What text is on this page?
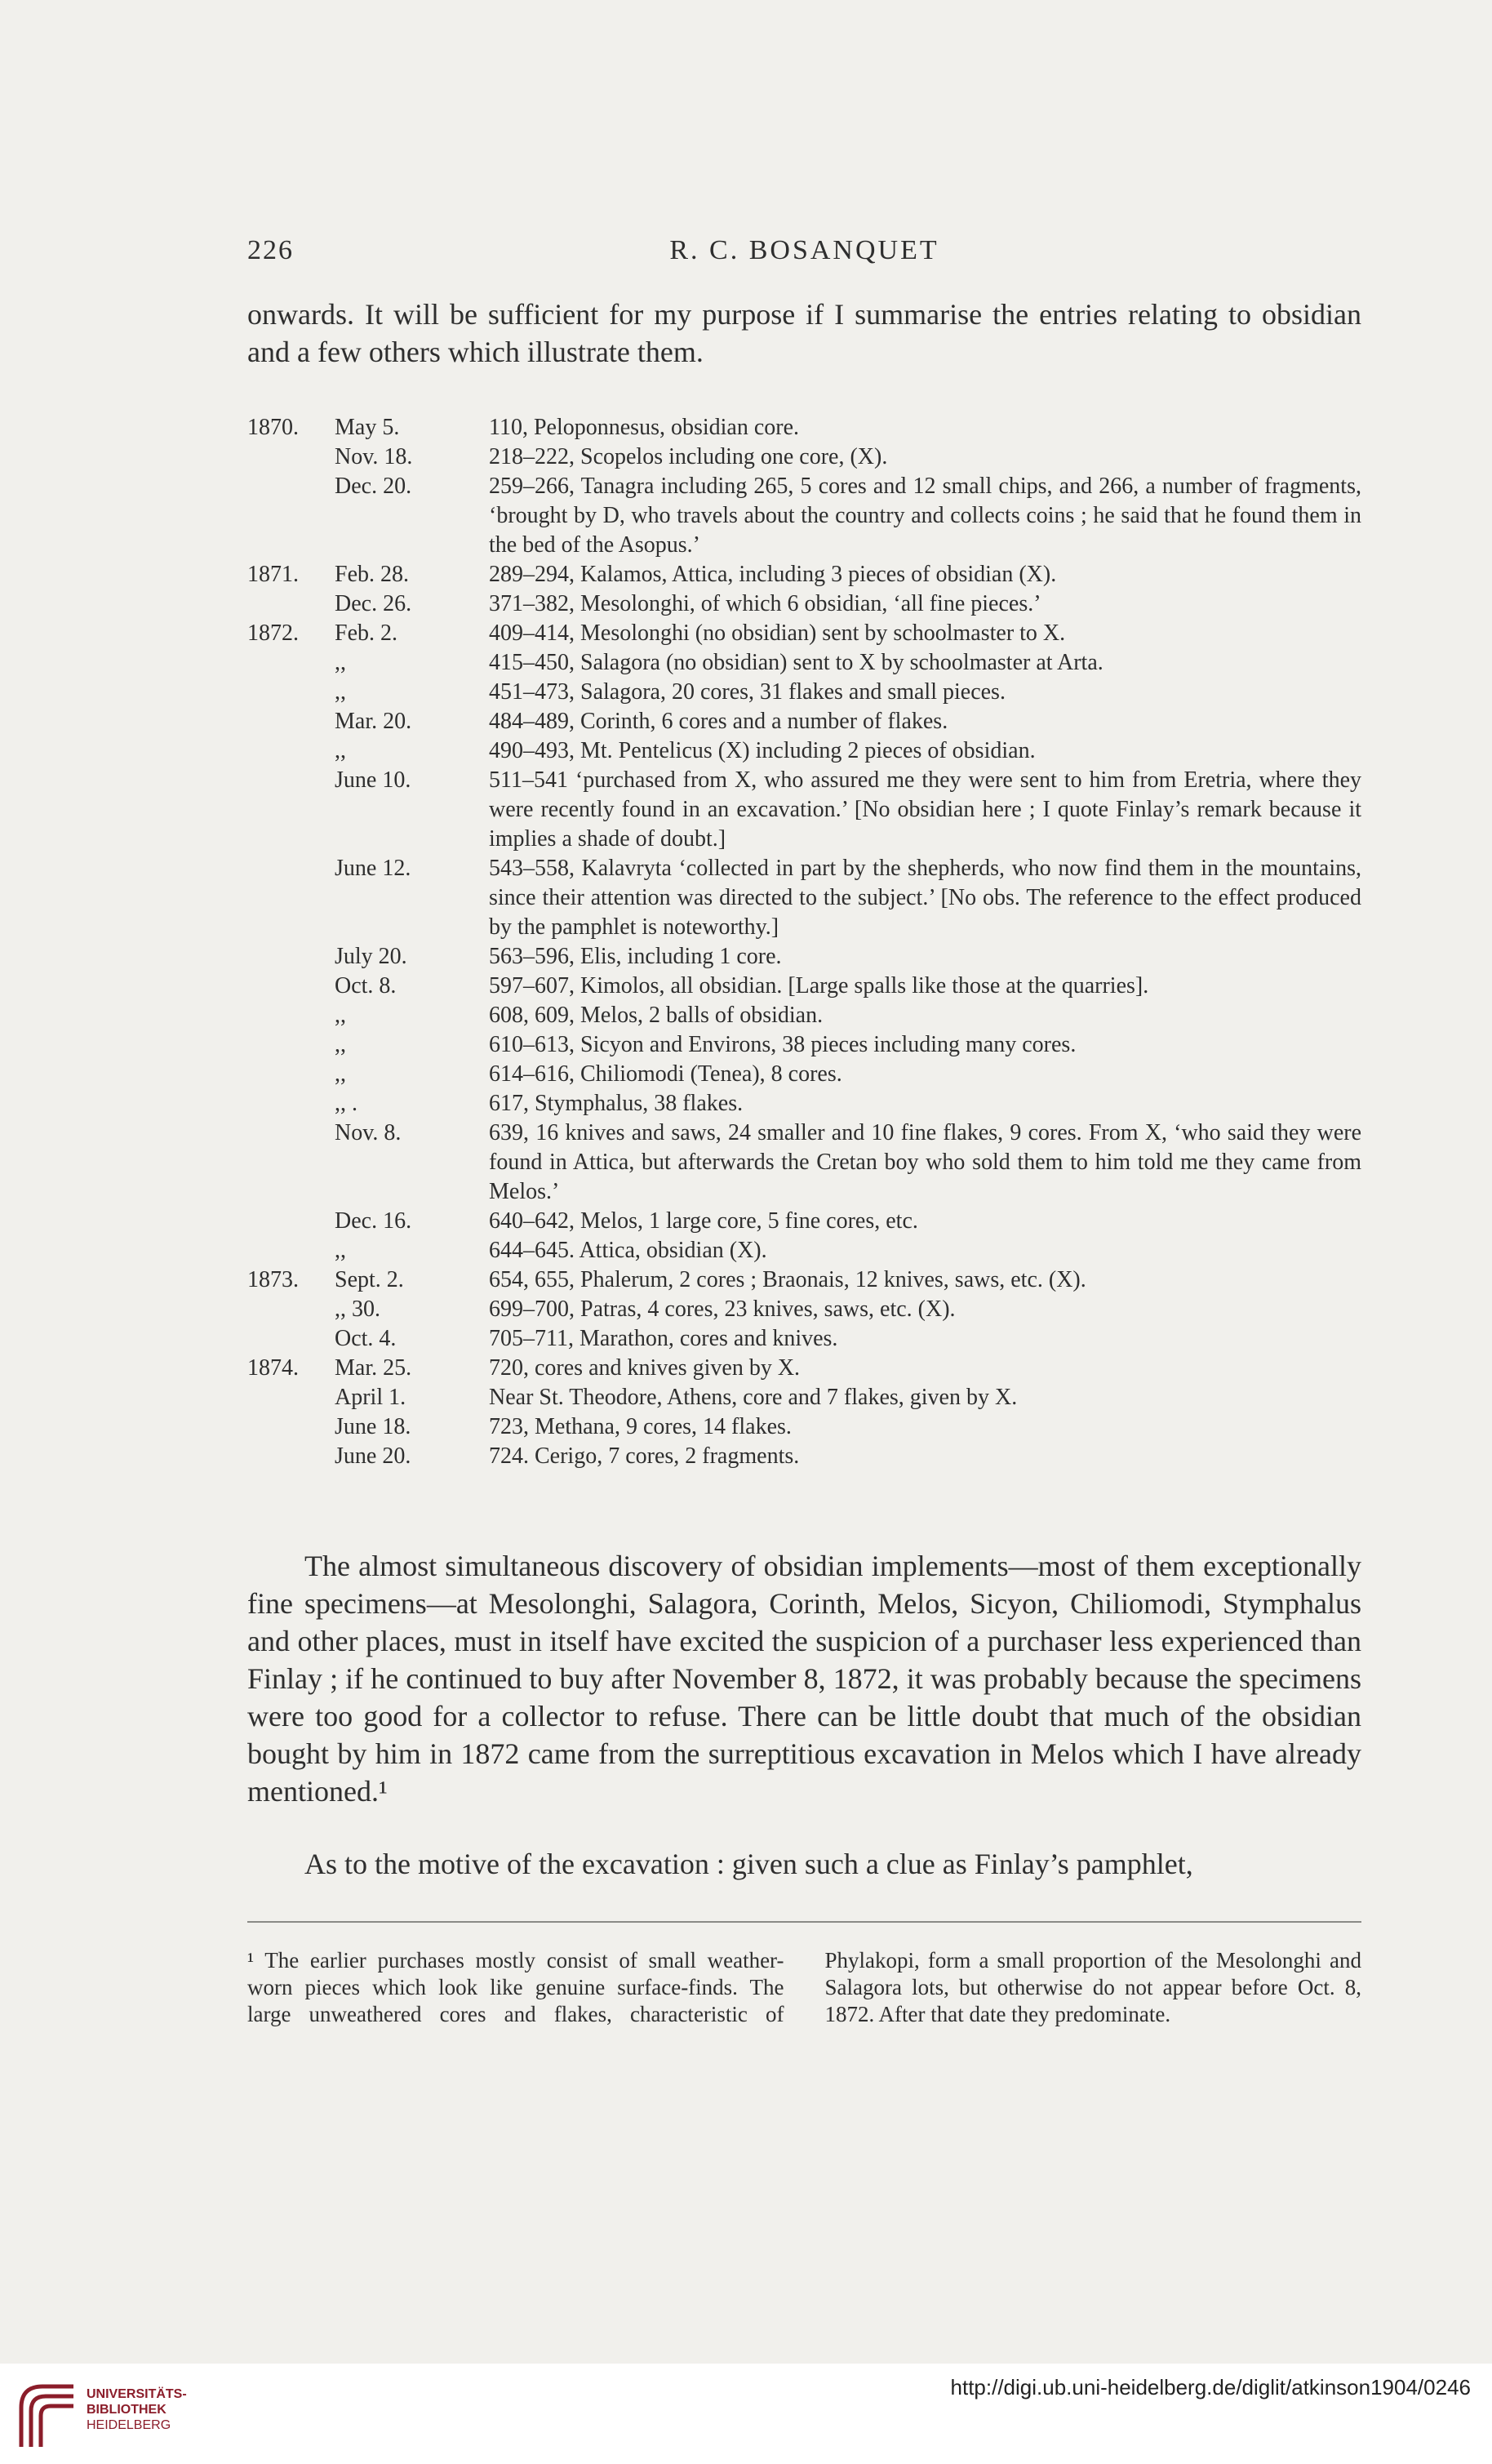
226	R. C. BOSANQUET

onwards. It will be sufficient for my purpose if I summarise the entries relating to obsidian and a few others which illustrate them.

1870.	May 5.	110, Peloponnesus, obsidian core.
Nov. 18.	218–222, Scopelos including one core, (X).
Dec. 20.	259–266, Tanagra including 265, 5 cores and 12 small chips, and 266, a number of fragments, ‘brought by D, who travels about the country and collects coins ; he said that he found them in the bed of the Asopus.’
1871.	Feb. 28.	289–294, Kalamos, Attica, including 3 pieces of obsidian (X).
Dec. 26.	371–382, Mesolonghi, of which 6 obsidian, ‘all fine pieces.’
1872.	Feb. 2.	409–414, Mesolonghi (no obsidian) sent by schoolmaster to X.
,,	415–450, Salagora (no obsidian) sent to X by schoolmaster at Arta.
,,	451–473, Salagora, 20 cores, 31 flakes and small pieces.
Mar. 20.	484–489, Corinth, 6 cores and a number of flakes.
,,	490–493, Mt. Pentelicus (X) including 2 pieces of obsidian.
June 10.	511–541 ‘purchased from X, who assured me they were sent to him from Eretria, where they were recently found in an excavation.’ [No obsidian here ; I quote Finlay’s remark because it implies a shade of doubt.]
June 12.	543–558, Kalavryta ‘collected in part by the shepherds, who now find them in the mountains, since their attention was directed to the subject.’ [No obs. The reference to the effect produced by the pamphlet is noteworthy.]
July 20.	563–596, Elis, including 1 core.
Oct. 8.	597–607, Kimolos, all obsidian. [Large spalls like those at the quarries].
,,	608, 609, Melos, 2 balls of obsidian.
,,	610–613, Sicyon and Environs, 38 pieces including many cores.
,,	614–616, Chiliomodi (Tenea), 8 cores.
,, .	617, Stymphalus, 38 flakes.
Nov. 8.	639, 16 knives and saws, 24 smaller and 10 fine flakes, 9 cores. From X, ‘who said they were found in Attica, but afterwards the Cretan boy who sold them to him told me they came from Melos.’
Dec. 16.	640–642, Melos, 1 large core, 5 fine cores, etc.
,,	644–645. Attica, obsidian (X).
1873.	Sept. 2.	654, 655, Phalerum, 2 cores ; Braonais, 12 knives, saws, etc. (X).
,, 30.	699–700, Patras, 4 cores, 23 knives, saws, etc. (X).
Oct. 4.	705–711, Marathon, cores and knives.
1874.	Mar. 25.	720, cores and knives given by X.
April 1.	Near St. Theodore, Athens, core and 7 flakes, given by X.
June 18.	723, Methana, 9 cores, 14 flakes.
June 20.	724. Cerigo, 7 cores, 2 fragments.

The almost simultaneous discovery of obsidian implements—most of them exceptionally fine specimens—at Mesolonghi, Salagora, Corinth, Melos, Sicyon, Chiliomodi, Stymphalus and other places, must in itself have excited the suspicion of a purchaser less experienced than Finlay ; if he continued to buy after November 8, 1872, it was probably because the specimens were too good for a collector to refuse. There can be little doubt that much of the obsidian bought by him in 1872 came from the surreptitious excavation in Melos which I have already mentioned.¹

As to the motive of the excavation : given such a clue as Finlay’s pamphlet,

¹ The earlier purchases mostly consist of small weather-worn pieces which look like genuine surface-finds. The large unweathered cores and flakes, characteristic of Phylakopi, form a small proportion of the Mesolonghi and Salagora lots, but otherwise do not appear before Oct. 8, 1872. After that date they predominate.

UNIVERSITÄTS-
BIBLIOTHEK
HEIDELBERG
http://digi.ub.uni-heidelberg.de/diglit/atkinson1904/0246
